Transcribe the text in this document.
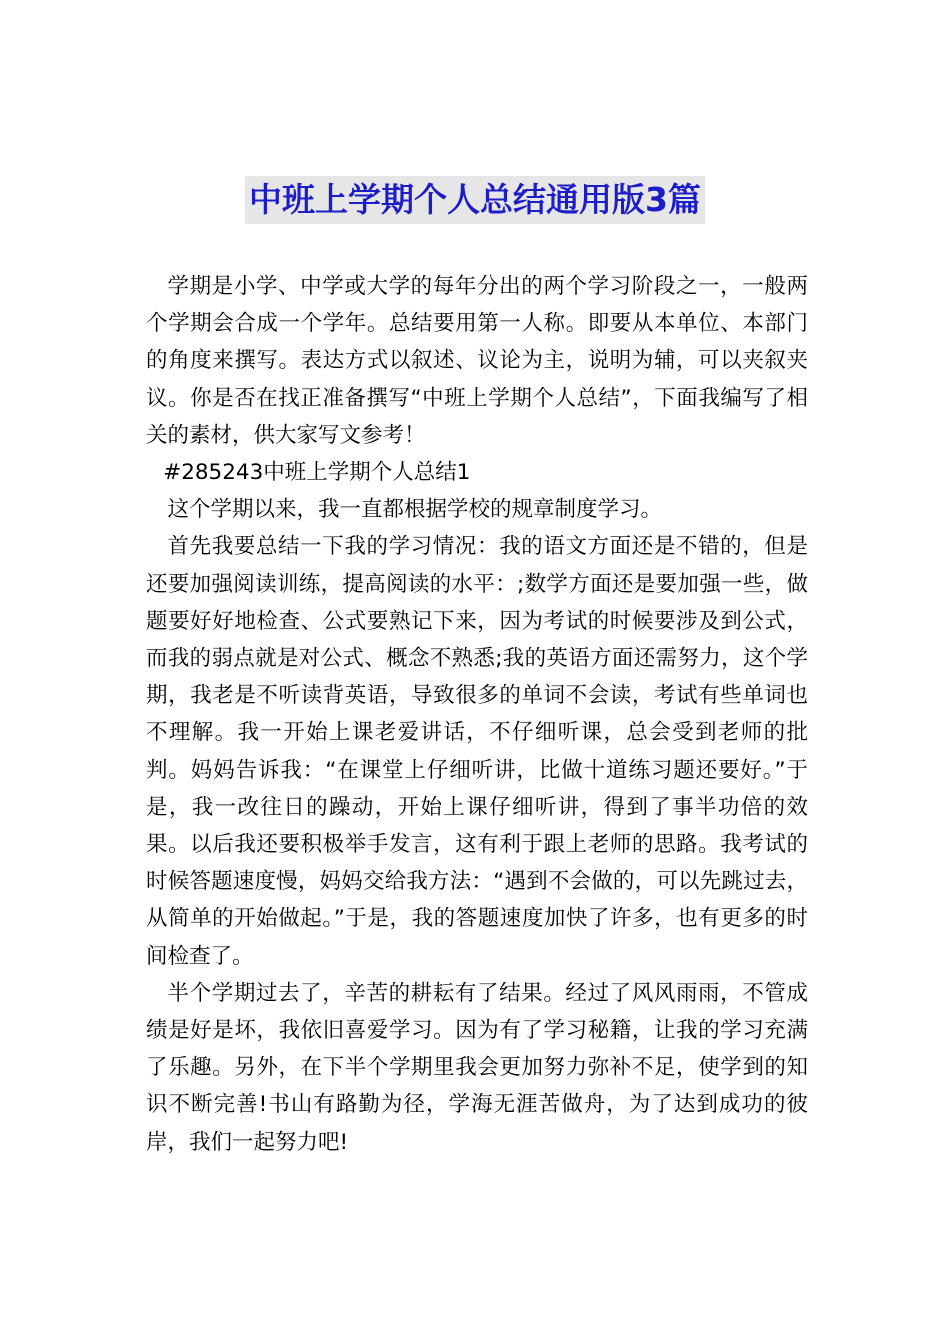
中班上学期个人总结通用版3篇

学期是小学、中学或大学的每年分出的两个学习阶段之一，一般两个学期会合成一个学年。总结要用第一人称。即要从本单位、本部门的角度来撰写。表达方式以叙述、议论为主，说明为辅，可以夹叙夹议。你是否在找正准备撰写“中班上学期个人总结”，下面我编写了相关的素材，供大家写文参考！

#285243中班上学期个人总结1

这个学期以来，我一直都根据学校的规章制度学习。

首先我要总结一下我的学习情况：我的语文方面还是不错的，但是还要加强阅读训练，提高阅读的水平：;数学方面还是要加强一些，做题要好好地检查、公式要熟记下来，因为考试的时候要涉及到公式，而我的弱点就是对公式、概念不熟悉;我的英语方面还需努力，这个学期，我老是不听读背英语，导致很多的单词不会读，考试有些单词也不理解。我一开始上课老爱讲话，不仔细听课，总会受到老师的批判。妈妈告诉我：“在课堂上仔细听讲，比做十道练习题还要好。”于是，我一改往日的躁动，开始上课仔细听讲，得到了事半功倍的效果。以后我还要积极举手发言，这有利于跟上老师的思路。我考试的时候答题速度慢，妈妈交给我方法：“遇到不会做的，可以先跳过去，从简单的开始做起。”于是，我的答题速度加快了许多，也有更多的时间检查了。

半个学期过去了，辛苦的耕耘有了结果。经过了风风雨雨，不管成绩是好是坏，我依旧喜爱学习。因为有了学习秘籍，让我的学习充满了乐趣。另外，在下半个学期里我会更加努力弥补不足，使学到的知识不断完善!书山有路勤为径，学海无涯苦做舟，为了达到成功的彼岸，我们一起努力吧!
